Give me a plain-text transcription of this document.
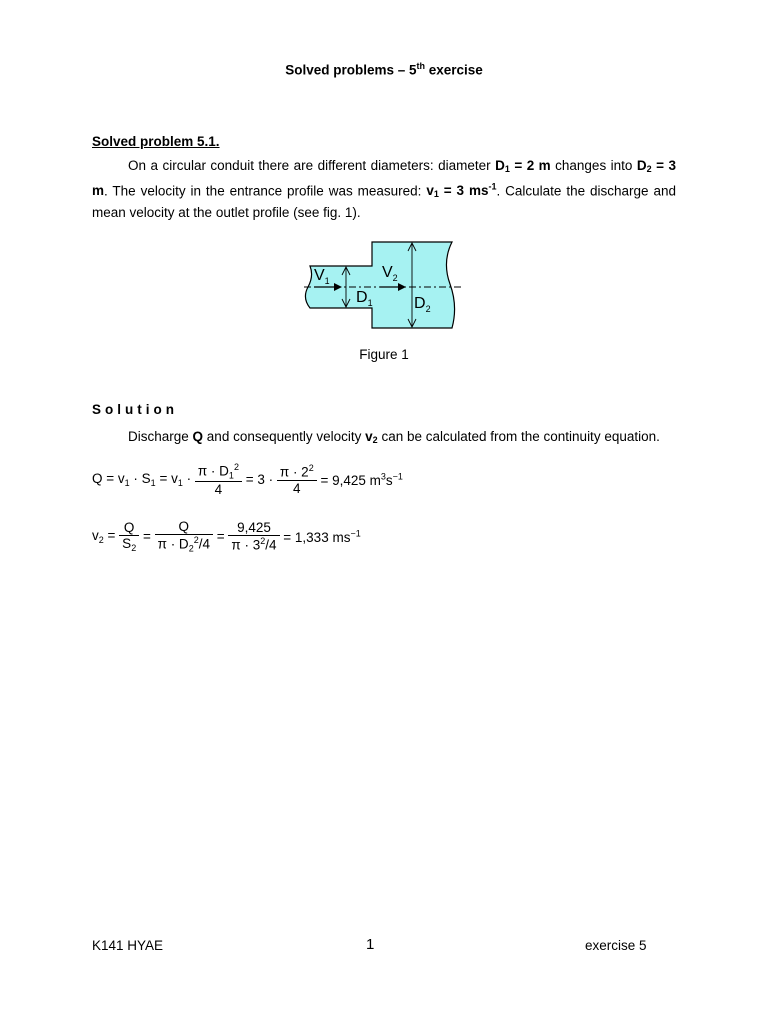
Solved problems – 5th exercise
Solved problem 5.1.
On a circular conduit there are different diameters: diameter $D_1 = 2$ m changes into $D_2 = 3$ m. The velocity in the entrance profile was measured: $v_1 = 3$ $ms^{-1}$. Calculate the discharge and mean velocity at the outlet profile (see fig. 1).
$V_1$	$V_2$
$D_1$	$D_2$
Figure 1
Solution
Discharge Q and consequently velocity $v_2$ can be calculated from the continuity equation.
$Q = v_1 \cdot S_1 = v_1 \cdot \frac{\pi \cdot D_1^2}{4} = 3 \cdot \frac{\pi \cdot 2^2}{4} = 9,425$ $m^3s^{-1}$
$v_2 = \frac{Q}{S_2} = \frac{Q}{\pi \cdot D_2^2/4} = \frac{9,425}{\pi \cdot 3^2/4} = 1,333$ $ms^{-1}$
K141 HYAE	1	exercise 5
